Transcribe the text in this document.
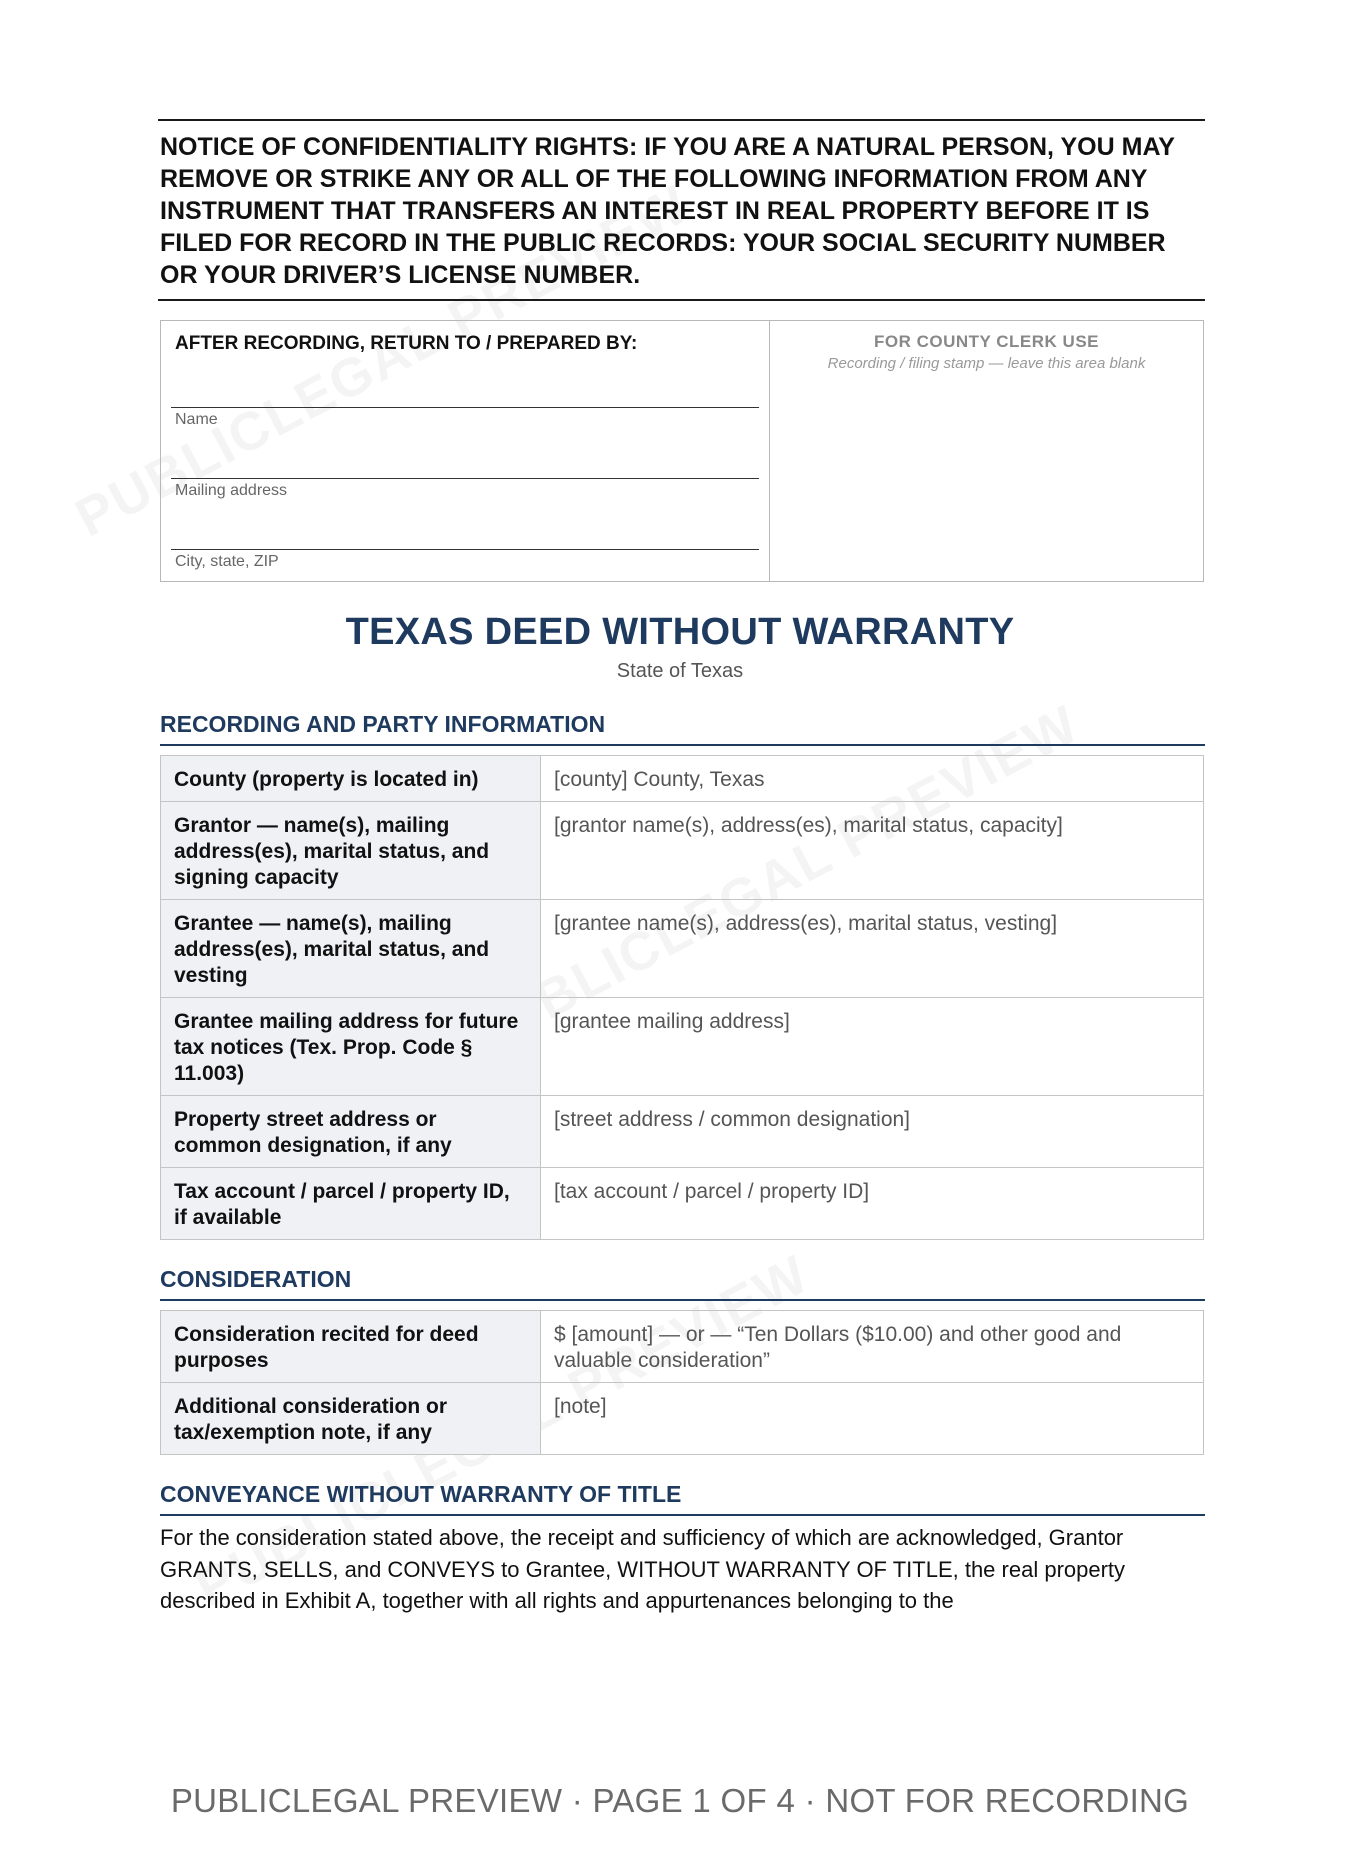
NOTICE OF CONFIDENTIALITY RIGHTS: IF YOU ARE A NATURAL PERSON, YOU MAY REMOVE OR STRIKE ANY OR ALL OF THE FOLLOWING INFORMATION FROM ANY INSTRUMENT THAT TRANSFERS AN INTEREST IN REAL PROPERTY BEFORE IT IS FILED FOR RECORD IN THE PUBLIC RECORDS: YOUR SOCIAL SECURITY NUMBER OR YOUR DRIVER’S LICENSE NUMBER.

AFTER RECORDING, RETURN TO / PREPARED BY:
Name
Mailing address
City, state, ZIP
FOR COUNTY CLERK USE
Recording / filing stamp — leave this area blank
TEXAS DEED WITHOUT WARRANTY
State of Texas
RECORDING AND PARTY INFORMATION
County (property is located in)	[county] County, Texas
Grantor — name(s), mailing address(es), marital status, and signing capacity	[grantor name(s), address(es), marital status, capacity]
Grantee — name(s), mailing address(es), marital status, and vesting	[grantee name(s), address(es), marital status, vesting]
Grantee mailing address for future tax notices (Tex. Prop. Code § 11.003)	[grantee mailing address]
Property street address or common designation, if any	[street address / common designation]
Tax account / parcel / property ID, if available	[tax account / parcel / property ID]
CONSIDERATION
Consideration recited for deed purposes	$ [amount] — or — “Ten Dollars ($10.00) and other good and valuable consideration”
Additional consideration or tax/exemption note, if any	[note]
CONVEYANCE WITHOUT WARRANTY OF TITLE

For the consideration stated above, the receipt and sufficiency of which are acknowledged, Grantor GRANTS, SELLS, and CONVEYS to Grantee, WITHOUT WARRANTY OF TITLE, the real property described in Exhibit A, together with all rights and appurtenances belonging to the

PUBLICLEGAL PREVIEW · PAGE 1 OF 4 · NOT FOR RECORDING
